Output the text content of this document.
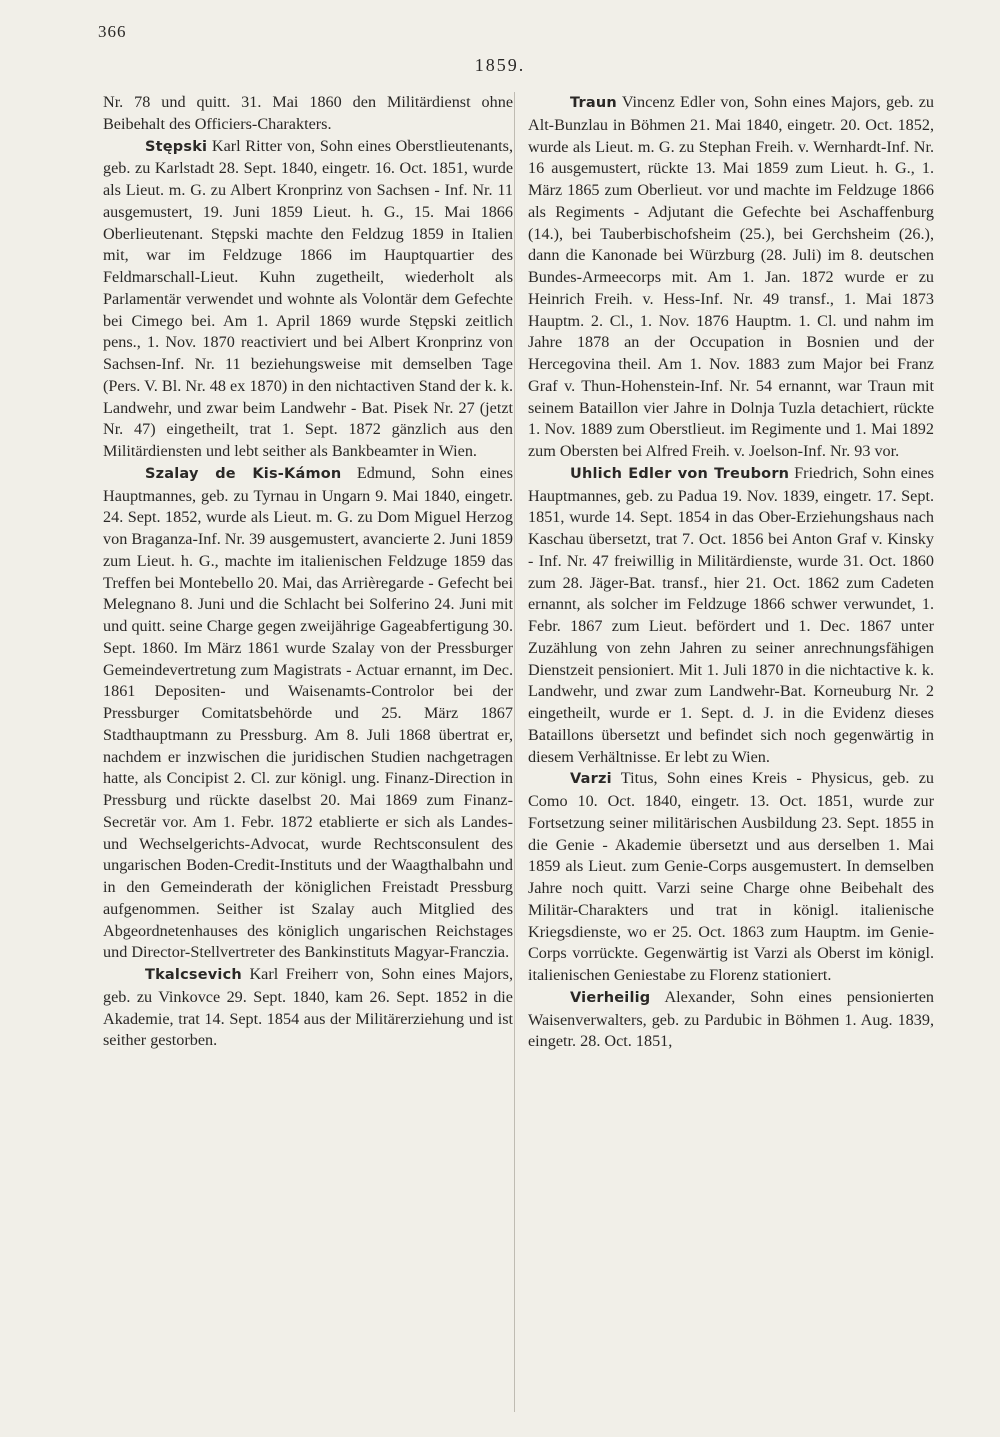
366
1859.

Nr. 78 und quitt. 31. Mai 1860 den Militärdienst ohne Beibehalt des Officiers-Charakters.

Stępski Karl Ritter von, Sohn eines Oberstlieutenants, geb. zu Karlstadt 28. Sept. 1840, eingetr. 16. Oct. 1851, wurde als Lieut. m. G. zu Albert Kronprinz von Sachsen - Inf. Nr. 11 ausgemustert, 19. Juni 1859 Lieut. h. G., 15. Mai 1866 Oberlieutenant. Stępski machte den Feldzug 1859 in Italien mit, war im Feldzuge 1866 im Hauptquartier des Feldmarschall-Lieut. Kuhn zugetheilt, wiederholt als Parlamentär verwendet und wohnte als Volontär dem Gefechte bei Cimego bei. Am 1. April 1869 wurde Stępski zeitlich pens., 1. Nov. 1870 reactiviert und bei Albert Kronprinz von Sachsen-Inf. Nr. 11 beziehungsweise mit demselben Tage (Pers. V. Bl. Nr. 48 ex 1870) in den nichtactiven Stand der k. k. Landwehr, und zwar beim Landwehr - Bat. Pisek Nr. 27 (jetzt Nr. 47) eingetheilt, trat 1. Sept. 1872 gänzlich aus den Militärdiensten und lebt seither als Bankbeamter in Wien.

Szalay de Kis-Kámon Edmund, Sohn eines Hauptmannes, geb. zu Tyrnau in Ungarn 9. Mai 1840, eingetr. 24. Sept. 1852, wurde als Lieut. m. G. zu Dom Miguel Herzog von Braganza-Inf. Nr. 39 ausgemustert, avancierte 2. Juni 1859 zum Lieut. h. G., machte im italienischen Feldzuge 1859 das Treffen bei Montebello 20. Mai, das Arrièregarde - Gefecht bei Melegnano 8. Juni und die Schlacht bei Solferino 24. Juni mit und quitt. seine Charge gegen zweijährige Gageabfertigung 30. Sept. 1860. Im März 1861 wurde Szalay von der Pressburger Gemeindevertretung zum Magistrats - Actuar ernannt, im Dec. 1861 Depositen- und Waisenamts-Controlor bei der Pressburger Comitatsbehörde und 25. März 1867 Stadthauptmann zu Pressburg. Am 8. Juli 1868 übertrat er, nachdem er inzwischen die juridischen Studien nachgetragen hatte, als Concipist 2. Cl. zur königl. ung. Finanz-Direction in Pressburg und rückte daselbst 20. Mai 1869 zum Finanz-Secretär vor. Am 1. Febr. 1872 etablierte er sich als Landes- und Wechselgerichts-Advocat, wurde Rechtsconsulent des ungarischen Boden-Credit-Instituts und der Waagthalbahn und in den Gemeinderath der königlichen Freistadt Pressburg aufgenommen. Seither ist Szalay auch Mitglied des Abgeordnetenhauses des königlich ungarischen Reichstages und Director-Stellvertreter des Bankinstituts Magyar-Franczia.

Tkalcsevich Karl Freiherr von, Sohn eines Majors, geb. zu Vinkovce 29. Sept. 1840, kam 26. Sept. 1852 in die Akademie, trat 14. Sept. 1854 aus der Militärerziehung und ist seither gestorben.

Traun Vincenz Edler von, Sohn eines Majors, geb. zu Alt-Bunzlau in Böhmen 21. Mai 1840, eingetr. 20. Oct. 1852, wurde als Lieut. m. G. zu Stephan Freih. v. Wernhardt-Inf. Nr. 16 ausgemustert, rückte 13. Mai 1859 zum Lieut. h. G., 1. März 1865 zum Oberlieut. vor und machte im Feldzuge 1866 als Regiments - Adjutant die Gefechte bei Aschaffenburg (14.), bei Tauberbischofsheim (25.), bei Gerchsheim (26.), dann die Kanonade bei Würzburg (28. Juli) im 8. deutschen Bundes-Armeecorps mit. Am 1. Jan. 1872 wurde er zu Heinrich Freih. v. Hess-Inf. Nr. 49 transf., 1. Mai 1873 Hauptm. 2. Cl., 1. Nov. 1876 Hauptm. 1. Cl. und nahm im Jahre 1878 an der Occupation in Bosnien und der Hercegovina theil. Am 1. Nov. 1883 zum Major bei Franz Graf v. Thun-Hohenstein-Inf. Nr. 54 ernannt, war Traun mit seinem Bataillon vier Jahre in Dolnja Tuzla detachiert, rückte 1. Nov. 1889 zum Oberstlieut. im Regimente und 1. Mai 1892 zum Obersten bei Alfred Freih. v. Joelson-Inf. Nr. 93 vor.

Uhlich Edler von Treuborn Friedrich, Sohn eines Hauptmannes, geb. zu Padua 19. Nov. 1839, eingetr. 17. Sept. 1851, wurde 14. Sept. 1854 in das Ober-Erziehungshaus nach Kaschau übersetzt, trat 7. Oct. 1856 bei Anton Graf v. Kinsky - Inf. Nr. 47 freiwillig in Militärdienste, wurde 31. Oct. 1860 zum 28. Jäger-Bat. transf., hier 21. Oct. 1862 zum Cadeten ernannt, als solcher im Feldzuge 1866 schwer verwundet, 1. Febr. 1867 zum Lieut. befördert und 1. Dec. 1867 unter Zuzählung von zehn Jahren zu seiner anrechnungsfähigen Dienstzeit pensioniert. Mit 1. Juli 1870 in die nichtactive k. k. Landwehr, und zwar zum Landwehr-Bat. Korneuburg Nr. 2 eingetheilt, wurde er 1. Sept. d. J. in die Evidenz dieses Bataillons übersetzt und befindet sich noch gegenwärtig in diesem Verhältnisse. Er lebt zu Wien.

Varzi Titus, Sohn eines Kreis - Physicus, geb. zu Como 10. Oct. 1840, eingetr. 13. Oct. 1851, wurde zur Fortsetzung seiner militärischen Ausbildung 23. Sept. 1855 in die Genie - Akademie übersetzt und aus derselben 1. Mai 1859 als Lieut. zum Genie-Corps ausgemustert. In demselben Jahre noch quitt. Varzi seine Charge ohne Beibehalt des Militär-Charakters und trat in königl. italienische Kriegsdienste, wo er 25. Oct. 1863 zum Hauptm. im Genie-Corps vorrückte. Gegenwärtig ist Varzi als Oberst im königl. italienischen Geniestabe zu Florenz stationiert.

Vierheilig Alexander, Sohn eines pensionierten Waisenverwalters, geb. zu Pardubic in Böhmen 1. Aug. 1839, eingetr. 28. Oct. 1851,
